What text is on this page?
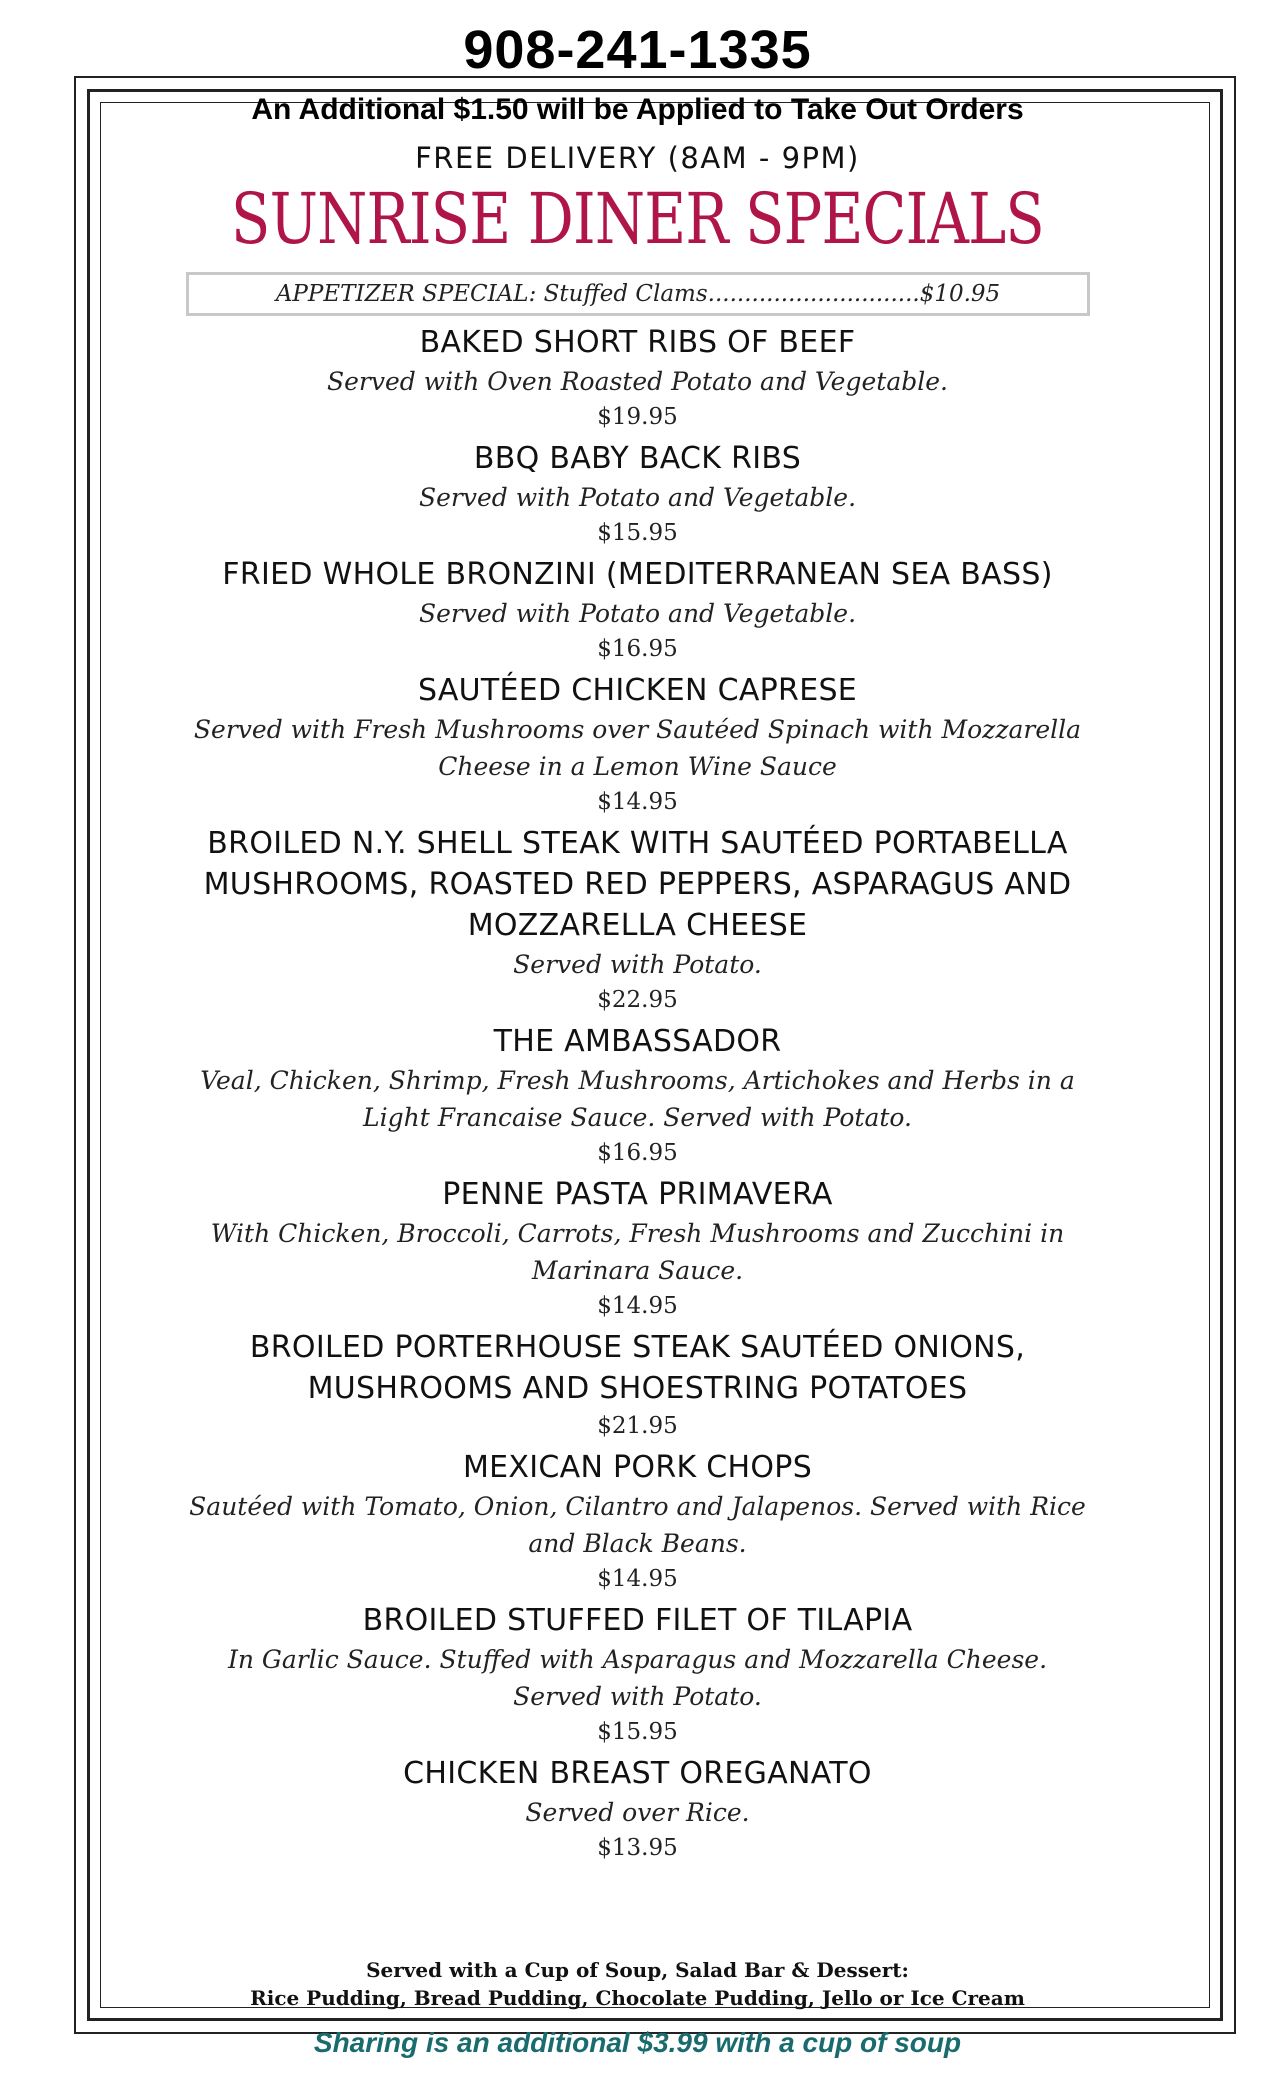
908-241-1335
An Additional $1.50 will be Applied to Take Out Orders
FREE DELIVERY (8AM - 9PM)
SUNRISE DINER SPECIALS
APPETIZER SPECIAL: Stuffed Clams.............................$10.95
BAKED SHORT RIBS OF BEEF
Served with Oven Roasted Potato and Vegetable.
$19.95
BBQ BABY BACK RIBS
Served with Potato and Vegetable.
$15.95
FRIED WHOLE BRONZINI (MEDITERRANEAN SEA BASS)
Served with Potato and Vegetable.
$16.95
SAUTÉED CHICKEN CAPRESE
Served with Fresh Mushrooms over Sautéed Spinach with Mozzarella Cheese in a Lemon Wine Sauce
$14.95
BROILED N.Y. SHELL STEAK WITH SAUTÉED PORTABELLA MUSHROOMS, ROASTED RED PEPPERS, ASPARAGUS AND MOZZARELLA CHEESE
Served with Potato.
$22.95
THE AMBASSADOR
Veal, Chicken, Shrimp, Fresh Mushrooms, Artichokes and Herbs in a Light Francaise Sauce. Served with Potato.
$16.95
PENNE PASTA PRIMAVERA
With Chicken, Broccoli, Carrots, Fresh Mushrooms and Zucchini in Marinara Sauce.
$14.95
BROILED PORTERHOUSE STEAK SAUTÉED ONIONS, MUSHROOMS AND SHOESTRING POTATOES
$21.95
MEXICAN PORK CHOPS
Sautéed with Tomato, Onion, Cilantro and Jalapenos. Served with Rice and Black Beans.
$14.95
BROILED STUFFED FILET OF TILAPIA
In Garlic Sauce. Stuffed with Asparagus and Mozzarella Cheese. Served with Potato.
$15.95
CHICKEN BREAST OREGANATO
Served over Rice.
$13.95
Served with a Cup of Soup, Salad Bar & Dessert:
Rice Pudding, Bread Pudding, Chocolate Pudding, Jello or Ice Cream
Sharing is an additional $3.99 with a cup of soup
